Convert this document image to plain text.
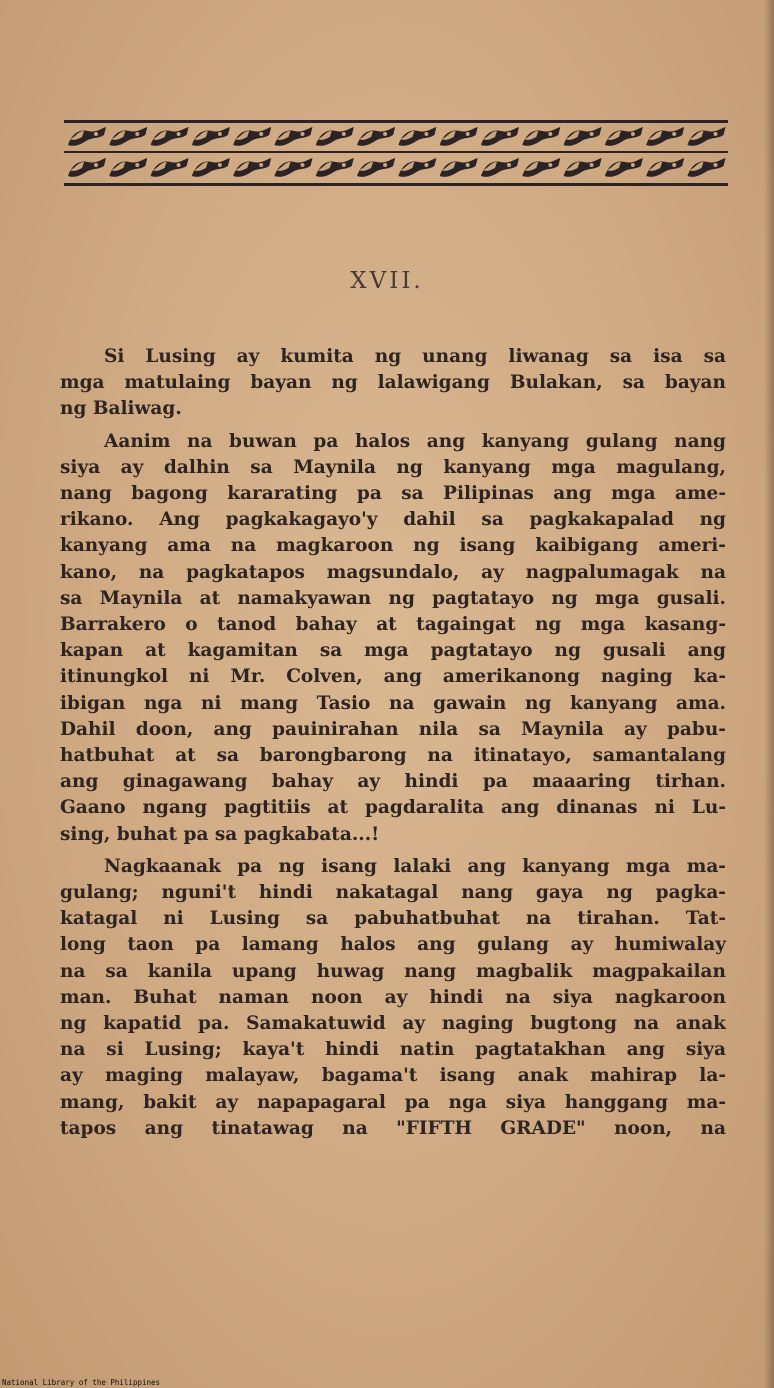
XVII.

Si Lusing ay kumita ng unang liwanag sa isa sa

mga matulaing bayan ng lalawigang Bulakan, sa bayan

ng Baliwag.

Aanim na buwan pa halos ang kanyang gulang nang

siya ay dalhin sa Maynila ng kanyang mga magulang,

nang bagong kararating pa sa Pilipinas ang mga ame-

rikano. Ang pagkakagayo'y dahil sa pagkakapalad ng

kanyang ama na magkaroon ng isang kaibigang ameri-

kano, na pagkatapos magsundalo, ay nagpalumagak na

sa Maynila at namakyawan ng pagtatayo ng mga gusali.

Barrakero o tanod bahay at tagaingat ng mga kasang-

kapan at kagamitan sa mga pagtatayo ng gusali ang

itinungkol ni Mr. Colven, ang amerikanong naging ka-

ibigan nga ni mang Tasio na gawain ng kanyang ama.

Dahil doon, ang pauinirahan nila sa Maynila ay pabu-

hatbuhat at sa barongbarong na itinatayo, samantalang

ang ginagawang bahay ay hindi pa maaaring tirhan.

Gaano ngang pagtitiis at pagdaralita ang dinanas ni Lu-

sing, buhat pa sa pagkabata...!

Nagkaanak pa ng isang lalaki ang kanyang mga ma-

gulang; nguni't hindi nakatagal nang gaya ng pagka-

katagal ni Lusing sa pabuhatbuhat na tirahan. Tat-

long taon pa lamang halos ang gulang ay humiwalay

na sa kanila upang huwag nang magbalik magpakailan

man. Buhat naman noon ay hindi na siya nagkaroon

ng kapatid pa. Samakatuwid ay naging bugtong na anak

na si Lusing; kaya't hindi natin pagtatakhan ang siya

ay maging malayaw, bagama't isang anak mahirap la-

mang, bakit ay napapagaral pa nga siya hanggang ma-

tapos ang tinatawag na "FIFTH GRADE" noon, na

National Library of the Philippines
